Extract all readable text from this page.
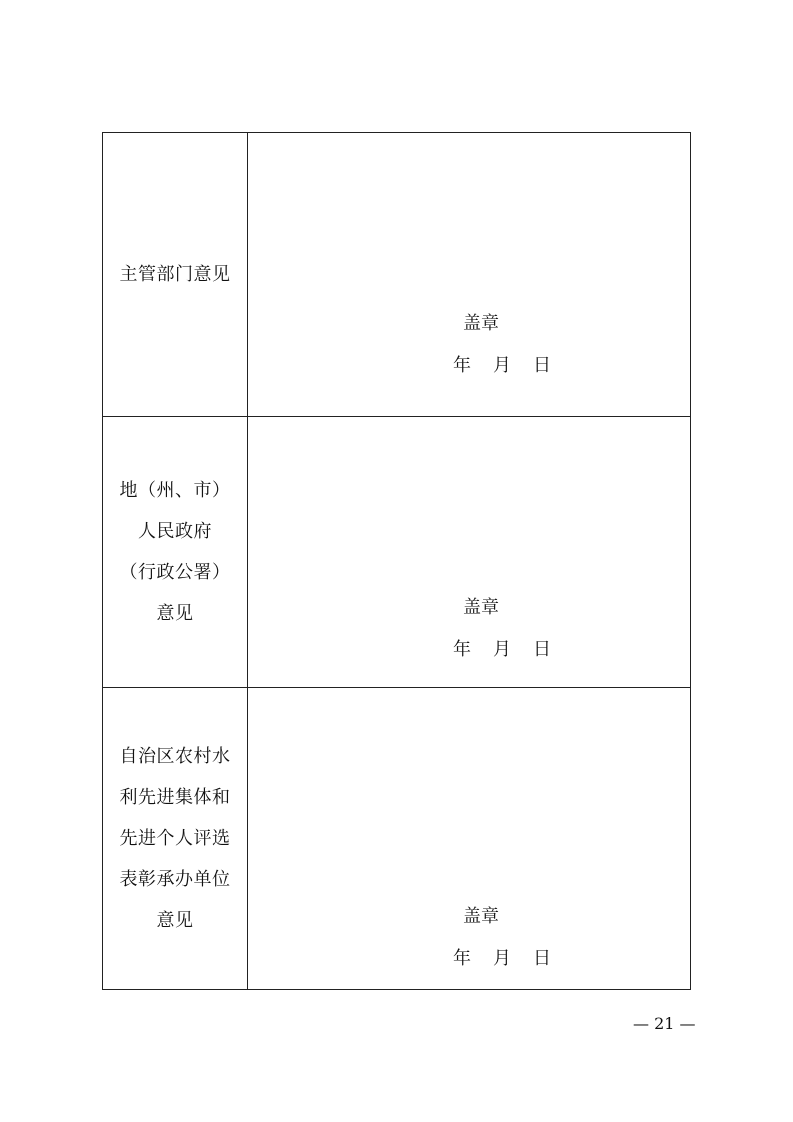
主管部门意见	盖章
年 月 日

地（州、市）
人民政府
（行政公署）
意见	盖章
年 月 日

自治区农村水
利先进集体和
先进个人评选
表彰承办单位
意见	盖章
年 月 日
— 21 —
